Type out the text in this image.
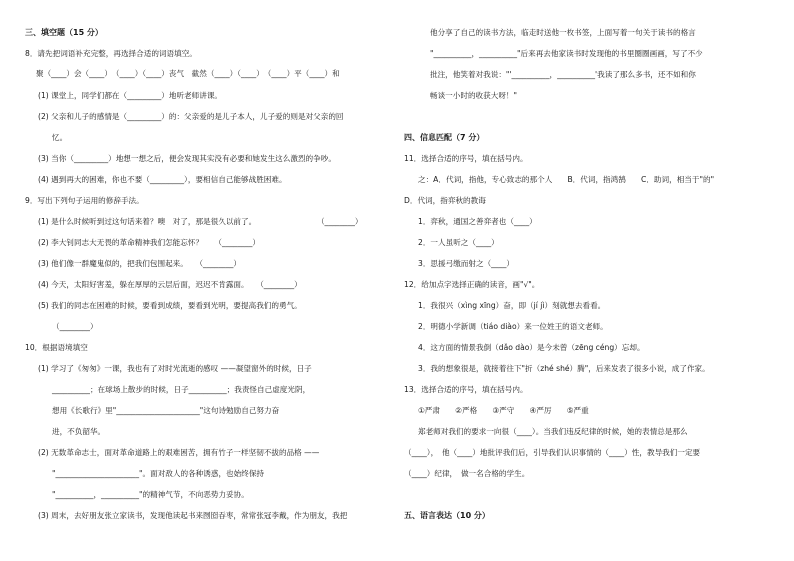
三、填空题（15 分）
8．请先把词语补充完整，再选择合适的词语填空。
聚（____）会（____）　（____）（____）丧气　截然（____）（____）　（____）平（____）和
(1) 课堂上，同学们都在（_________）地听老师讲课。
(2) 父亲和儿子的感情是（_________）的：父亲爱的是儿子本人，儿子爱的则是对父亲的回
忆。
(3) 当你（_________）地想一想之后，便会发现其实没有必要和她发生这么激烈的争吵。
(4) 遇到再大的困难，你也不要（_________），要相信自己能够战胜困难。
9．写出下列句子运用的修辞手法。
(1) 是什么时候听到过这句话来着？噢　对了，那是很久以前了。　　　　　　　　　（________）
(2) 李大钊同志大无畏的革命精神我们怎能忘怀？　　（________）
(3) 他们像一群魔鬼似的，把我们包围起来。　　（________）
(4) 今天，太阳好害羞，躲在厚厚的云层后面，迟迟不肯露面。　　（________）
(5) 我们的同志在困难的时候，要看到成绩，要看到光明，要提高我们的勇气。
（________）
10．根据语境填空
(1) 学习了《匆匆》一课，我也有了对时光流逝的感叹 ——凝望窗外的时候，日子
__________；在球场上散步的时候，日子__________；我责怪自己虚度光阴，
想用《长歌行》里"______________________"这句诗勉励自己努力奋
进，不负韶华。
(2) 无数革命志士，面对革命道路上的艰难困苦，拥有竹子一样坚韧不拔的品格 ——
"______________________"。面对敌人的各种诱惑，也始终保持
"__________，__________"的精神气节，不向恶势力妥协。
(3) 周末，去好朋友张立家读书，发现他读起书来囫囵吞枣，常常张冠李戴，作为朋友，我把
他分享了自己的读书方法，临走时送他一枚书签，上面写着一句关于读书的格言
"__________，__________"后来再去他家读书时发现他的书里圈圈画画，写了不少
批注，他笑着对我说："'__________，__________'我读了那么多书，还不如和你
畅谈一小时的收获大呀！"
四、信息匹配（7 分）
11．选择合适的序号，填在括号内。
之：A．代词，指他，专心致志的那个人　　B．代词，指鸿鹄　　C．助词，相当于"的"
D．代词，指弈秋的教诲
1．弈秋，通国之善弈者也（____）
2．一人虽听之（____）
3．思援弓缴而射之（____）
12．给加点字选择正确的读音，画"√"。
1．我很兴（xìng xīng）奋，即（jí jì）刻就想去看看。
2．明德小学新调（tiáo diào）来一位姓王的语文老师。
4．这方面的情景我倒（dǎo dào）是今未曾（zēng céng）忘却。
3．我的想象很是，就接着往下"折（zhé shé）腾"，后来发表了很多小说，成了作家。
13．选择合适的序号，填在括号内。
①严肃　　②严格　　③严守　　④严厉　　⑤严重
郑老师对我们的要求一向很（____）。当我们违反纪律的时候，她的表情总是那么
（____），　他（____）地批评我们后，引导我们认识事情的（____）性，教导我们一定要
（____）纪律，　做一名合格的学生。
五、语言表达（10 分）
